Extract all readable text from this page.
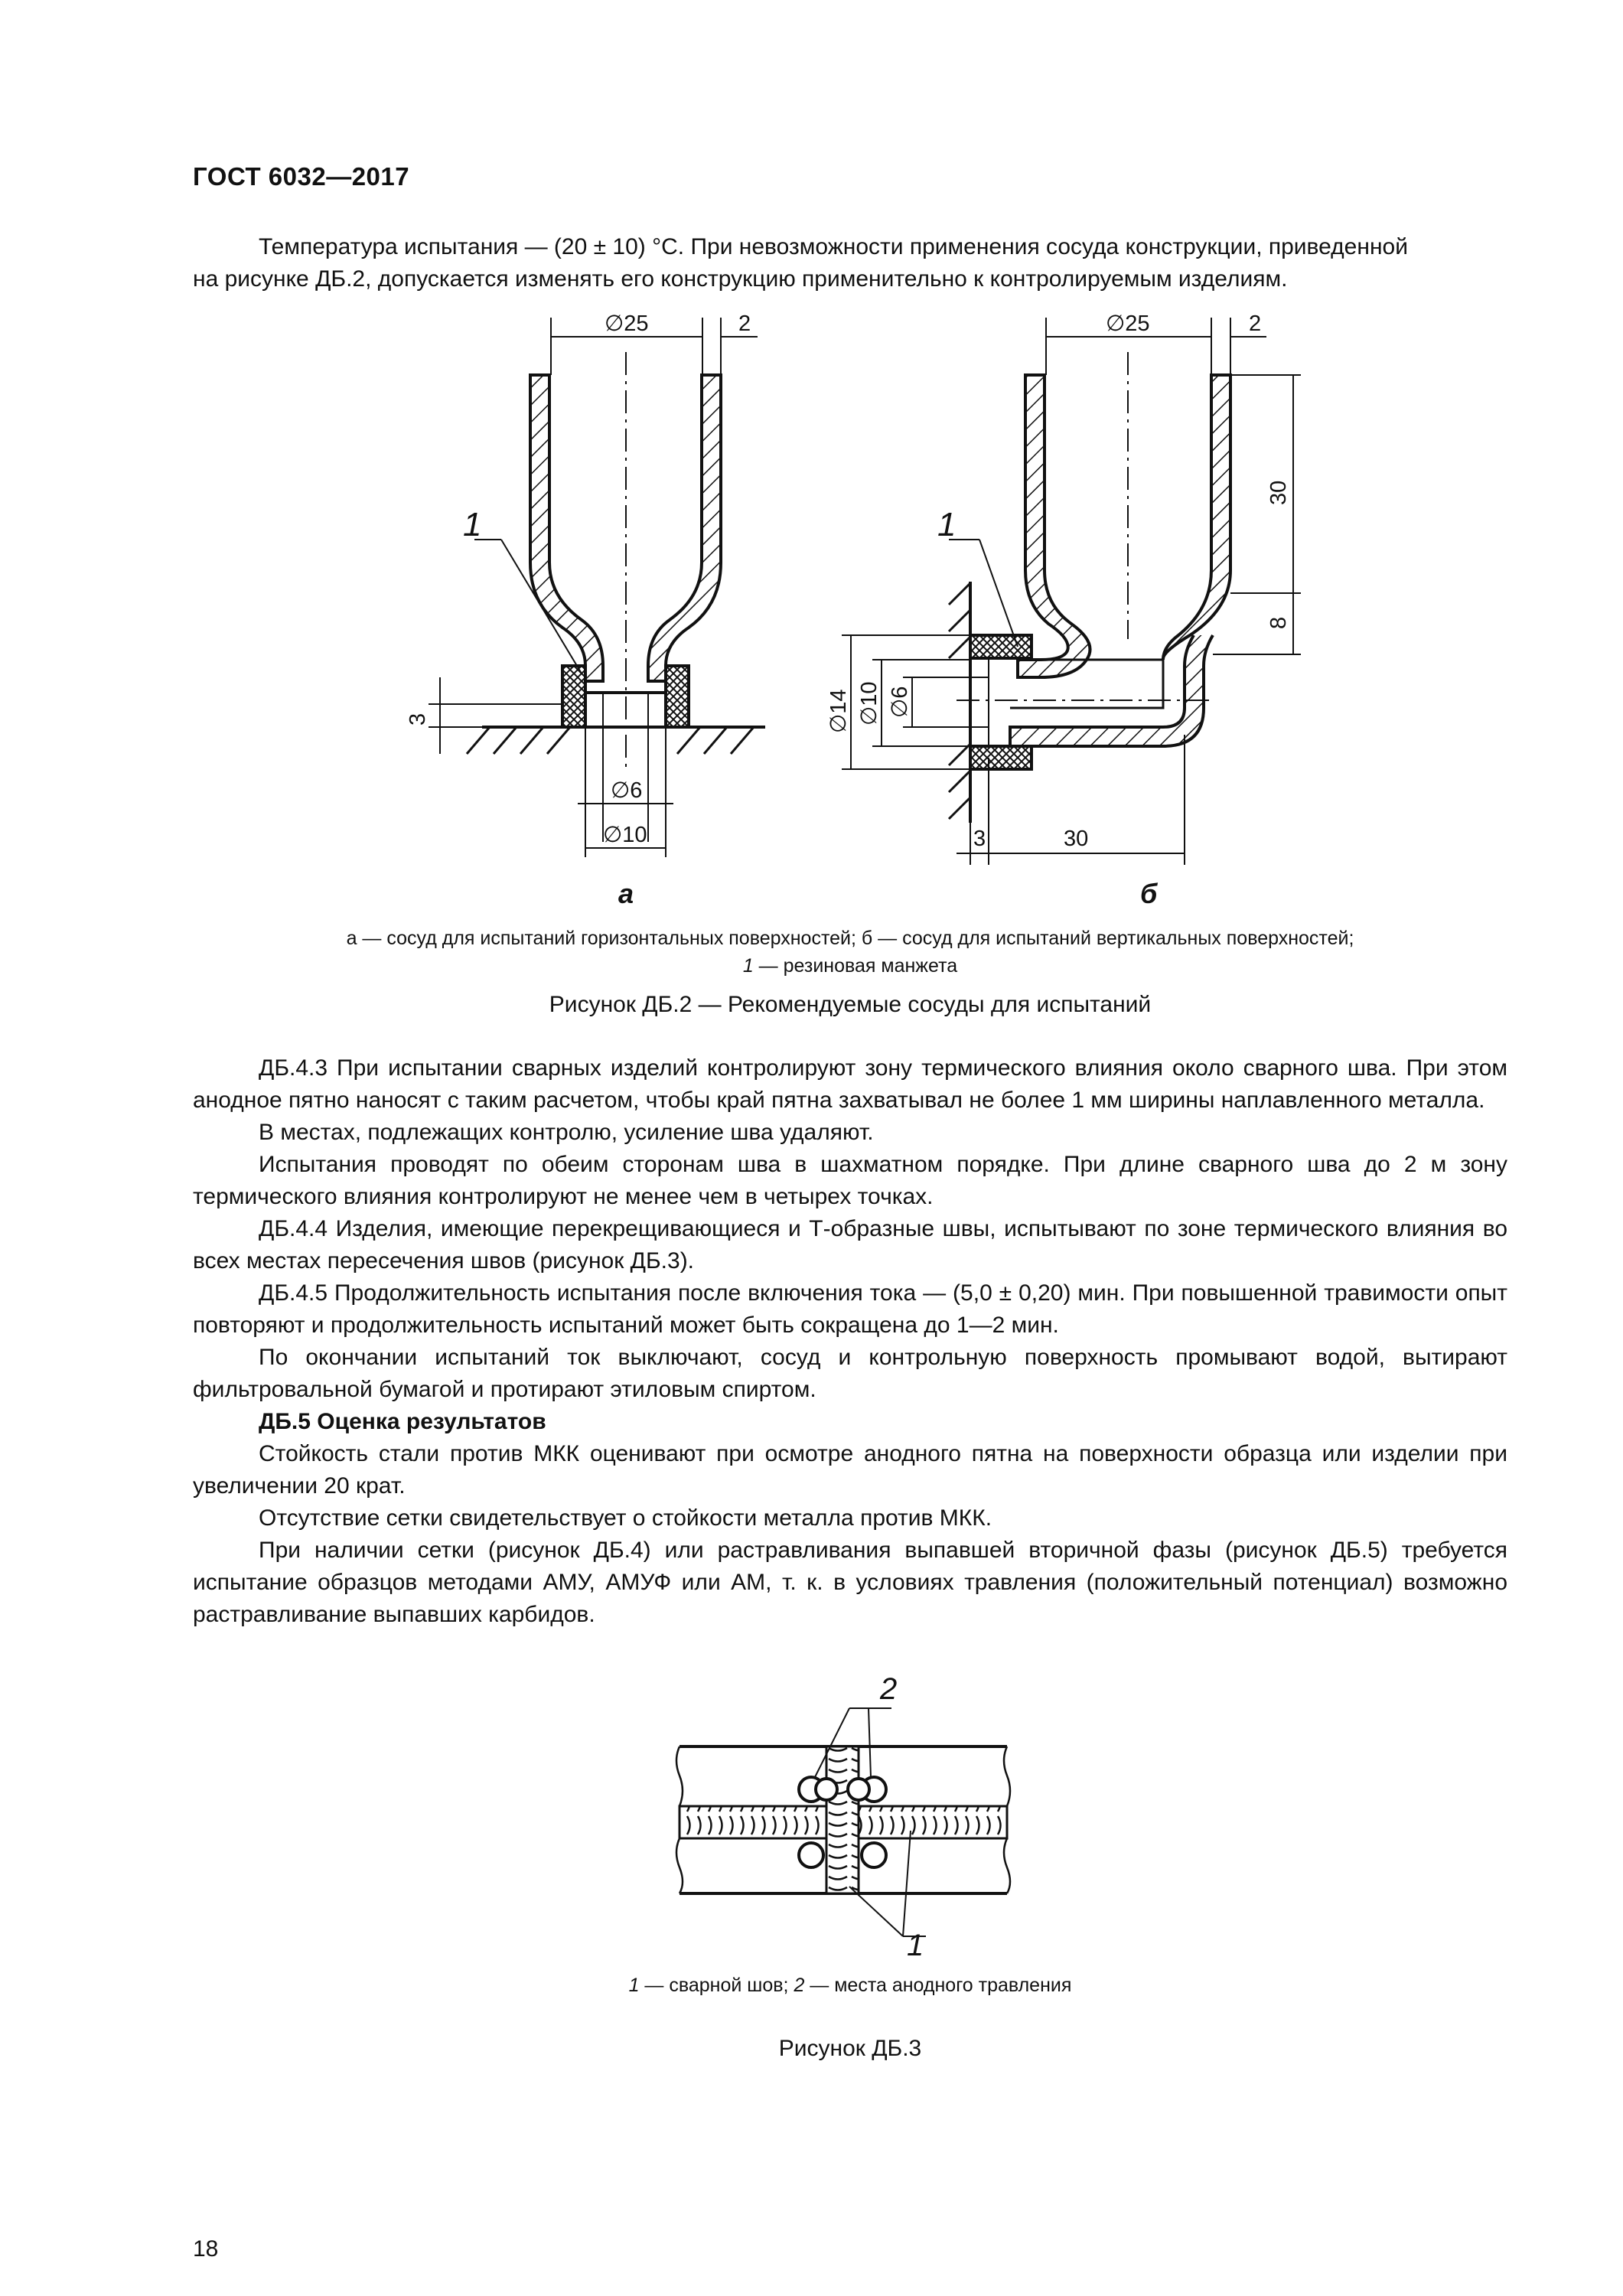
ГОСТ 6032—2017

Температура испытания — (20 ± 10) °С. При невозможности применения сосуда конструкции, приведенной

на рисунке ДБ.2, допускается изменять его конструкцию применительно к контролируемым изделиям.

∅25	2
3
∅6
∅10
1
а
∅25	2
30
8
∅14 ∅10 ∅6
3	30
1
б
а — сосуд для испытаний горизонтальных поверхностей; б — сосуд для испытаний вертикальных поверхностей;
1 — резиновая манжета
Рисунок ДБ.2 — Рекомендуемые сосуды для испытаний

ДБ.4.3 При испытании сварных изделий контролируют зону термического влияния около сварного шва. При этом анодное пятно наносят с таким расчетом, чтобы край пятна захватывал не более 1 мм ширины наплавленного металла.

В местах, подлежащих контролю, усиление шва удаляют.

Испытания проводят по обеим сторонам шва в шахматном порядке. При длине сварного шва до 2 м зону термического влияния контролируют не менее чем в четырех точках.

ДБ.4.4 Изделия, имеющие перекрещивающиеся и Т-образные швы, испытывают по зоне термического влияния во всех местах пересечения швов (рисунок ДБ.3).

ДБ.4.5 Продолжительность испытания после включения тока — (5,0 ± 0,20) мин. При повышенной травимости опыт повторяют и продолжительность испытаний может быть сокращена до 1—2 мин.

По окончании испытаний ток выключают, сосуд и контрольную поверхность промывают водой, вытирают фильтровальной бумагой и протирают этиловым спиртом.

ДБ.5 Оценка результатов

Стойкость стали против МКК оценивают при осмотре анодного пятна на поверхности образца или изделии при увеличении 20 крат.

Отсутствие сетки свидетельствует о стойкости металла против МКК.

При наличии сетки (рисунок ДБ.4) или растравливания выпавшей вторичной фазы (рисунок ДБ.5) требуется испытание образцов методами АМУ, АМУФ или АМ, т. к. в условиях травления (положительный потенциал) возможно растравливание выпавших карбидов.

2
1
1 — сварной шов; 2 — места анодного травления
Рисунок ДБ.3
18
